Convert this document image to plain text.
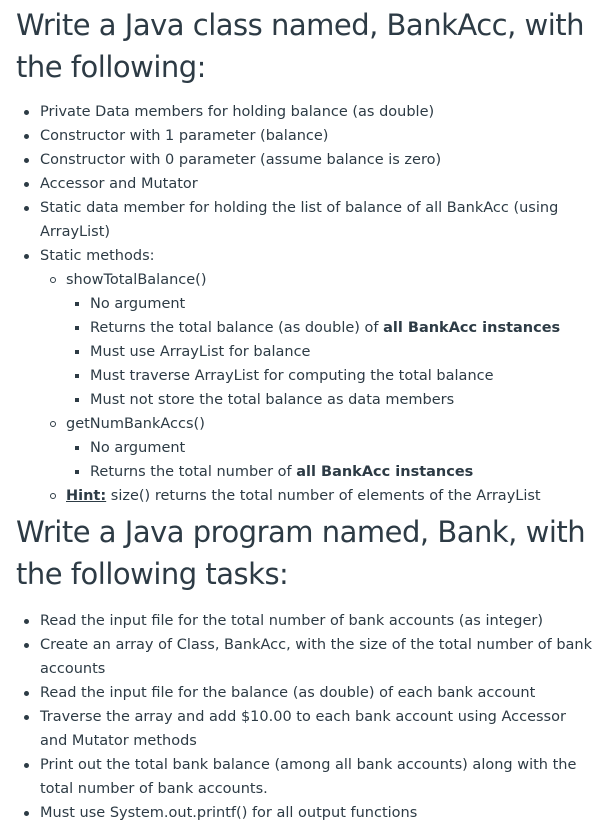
Write a Java class named, BankAcc, with the following:
Private Data members for holding balance (as double)
Constructor with 1 parameter (balance)
Constructor with 0 parameter (assume balance is zero)
Accessor and Mutator
Static data member for holding the list of balance of all BankAcc (using ArrayList)
Static methods:
showTotalBalance()
No argument
Returns the total balance (as double) of all BankAcc instances
Must use ArrayList for balance
Must traverse ArrayList for computing the total balance
Must not store the total balance as data members
getNumBankAccs()
No argument
Returns the total number of all BankAcc instances
Hint: size() returns the total number of elements of the ArrayList
Write a Java program named, Bank, with the following tasks:
Read the input file for the total number of bank accounts (as integer)
Create an array of Class, BankAcc, with the size of the total number of bank accounts
Read the input file for the balance (as double) of each bank account
Traverse the array and add $10.00 to each bank account using Accessor and Mutator methods
Print out the total bank balance (among all bank accounts) along with the total number of bank accounts.
Must use System.out.printf() for all output functions
